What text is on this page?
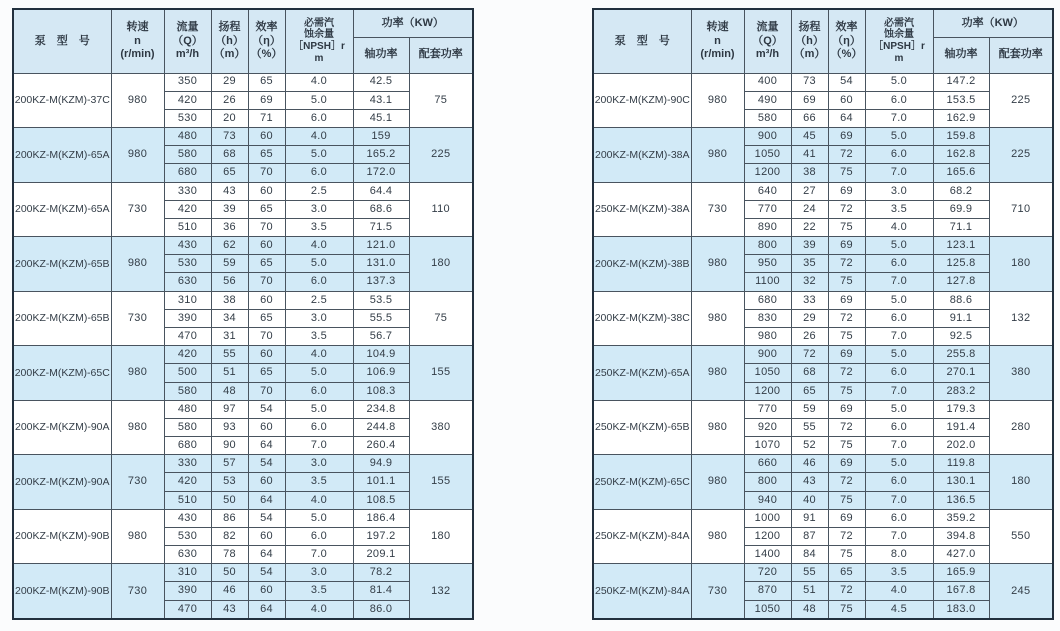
泵　型　号	转速
n
(r/min)	流量
（Q）
m³/h	扬程
（h）
（m）	效率
（η）
（%）	必需汽
蚀余量
［NPSH］r
m	功率（KW）	
						轴功率	配套功率
200KZ-M(KZM)-37C	980	350	29	65	4.0	42.5	75
		420	26	69	5.0	43.1	
		530	20	71	6.0	45.1	
200KZ-M(KZM)-65A	980	480	73	60	4.0	159	225
		580	68	65	5.0	165.2	
		680	65	70	6.0	172.0	
200KZ-M(KZM)-65A	730	330	43	60	2.5	64.4	110
		420	39	65	3.0	68.6	
		510	36	70	3.5	71.5	
200KZ-M(KZM)-65B	980	430	62	60	4.0	121.0	180
		530	59	65	5.0	131.0	
		630	56	70	6.0	137.3	
200KZ-M(KZM)-65B	730	310	38	60	2.5	53.5	75
		390	34	65	3.0	55.5	
		470	31	70	3.5	56.7	
200KZ-M(KZM)-65C	980	420	55	60	4.0	104.9	155
		500	51	65	5.0	106.9	
		580	48	70	6.0	108.3	
200KZ-M(KZM)-90A	980	480	97	54	5.0	234.8	380
		580	93	60	6.0	244.8	
		680	90	64	7.0	260.4	
200KZ-M(KZM)-90A	730	330	57	54	3.0	94.9	155
		420	53	60	3.5	101.1	
		510	50	64	4.0	108.5	
200KZ-M(KZM)-90B	980	430	86	54	5.0	186.4	180
		530	82	60	6.0	197.2	
		630	78	64	7.0	209.1	
200KZ-M(KZM)-90B	730	310	50	54	3.0	78.2	132
		390	46	60	3.5	81.4	
		470	43	64	4.0	86.0	
泵　型　号	转速
n
(r/min)	流量
（Q）
m³/h	扬程
（h）
（m）	效率
（η）
（%）	必需汽
蚀余量
［NPSH］r
m	功率（KW）	
						轴功率	配套功率
200KZ-M(KZM)-90C	980	400	73	54	5.0	147.2	225
		490	69	60	6.0	153.5	
		580	66	64	7.0	162.9	
200KZ-M(KZM)-38A	980	900	45	69	5.0	159.8	225
		1050	41	72	6.0	162.8	
		1200	38	75	7.0	165.6	
250KZ-M(KZM)-38A	730	640	27	69	3.0	68.2	710
		770	24	72	3.5	69.9	
		890	22	75	4.0	71.1	
200KZ-M(KZM)-38B	980	800	39	69	5.0	123.1	180
		950	35	72	6.0	125.8	
		1100	32	75	7.0	127.8	
200KZ-M(KZM)-38C	980	680	33	69	5.0	88.6	132
		830	29	72	6.0	91.1	
		980	26	75	7.0	92.5	
250KZ-M(KZM)-65A	980	900	72	69	5.0	255.8	380
		1050	68	72	6.0	270.1	
		1200	65	75	7.0	283.2	
250KZ-M(KZM)-65B	980	770	59	69	5.0	179.3	280
		920	55	72	6.0	191.4	
		1070	52	75	7.0	202.0	
250KZ-M(KZM)-65C	980	660	46	69	5.0	119.8	180
		800	43	72	6.0	130.1	
		940	40	75	7.0	136.5	
250KZ-M(KZM)-84A	980	1000	91	69	6.0	359.2	550
		1200	87	72	7.0	394.8	
		1400	84	75	8.0	427.0	
250KZ-M(KZM)-84A	730	720	55	65	3.5	165.9	245
		870	51	72	4.0	167.8	
		1050	48	75	4.5	183.0	
